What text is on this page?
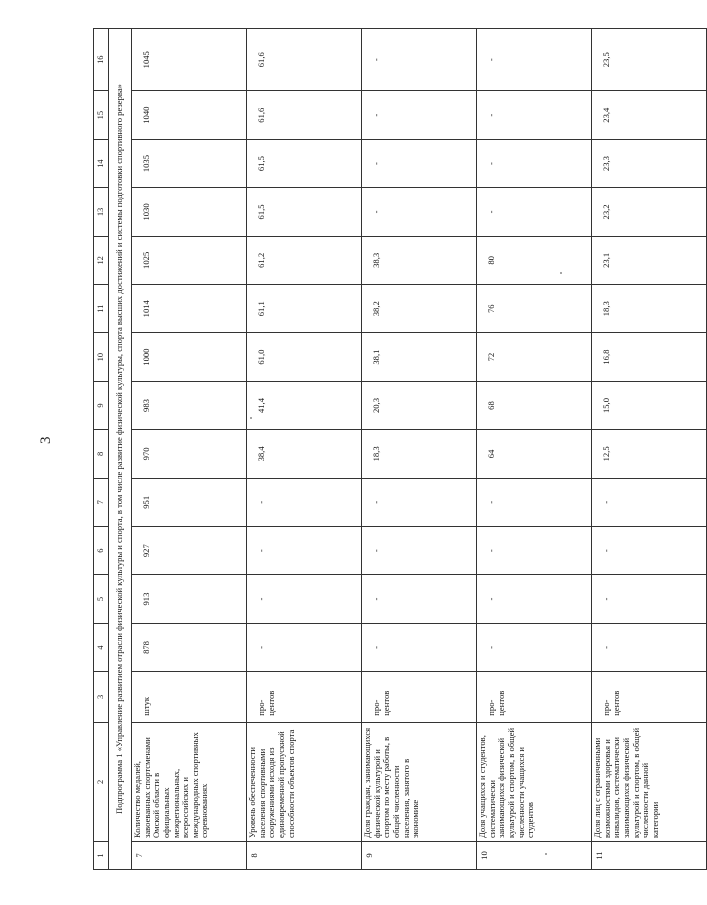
3
1	2	3	4	5	6	7	8	9	10	11	12	13	14	15	16
Подпрограмма 1 «Управление развитием отрасли физической культуры и спорта, в том числе развитие физической культуры, спорта высших достижений и системы подготовки спортивного резерва»															
7	Количество медалей, завоеванных спортсменами Омской области в официальных межрегиональных, всероссийских и международных спортивных соревнованиях	штук	878	913	927	951	970	983	1000	1014	1025	1030	1035	1040	1045
8	Уровень обеспеченности населения спортивными сооружениями исходя из единовременной пропускной способности объектов спорта	про-центов	-	-	-	-	38,4	41,4	61,0	61,1	61,2	61,5	61,5	61,6	61,6
9	Доля граждан, занимающихся физической культурой и спортом по месту работы, в общей численности населения, занятого в экономике	про-центов	-	-	-	-	18,3	20,3	38,1	38,2	38,3	-	-	-	-
10	Доля учащихся и студентов, систематически занимающихся физической культурой и спортом, в общей численности учащихся и студентов	про-центов	-	-	-	-	64	68	72	76	80	-	-	-	-
11	Доля лиц с ограниченными возможностями здоровья и инвалидов, систематически занимающихся физической культурой и спортом, в общей численности данной категории	про-центов	-	-	-	-	12,5	15,0	16,8	18,3	23,1	23,2	23,3	23,4	23,5
